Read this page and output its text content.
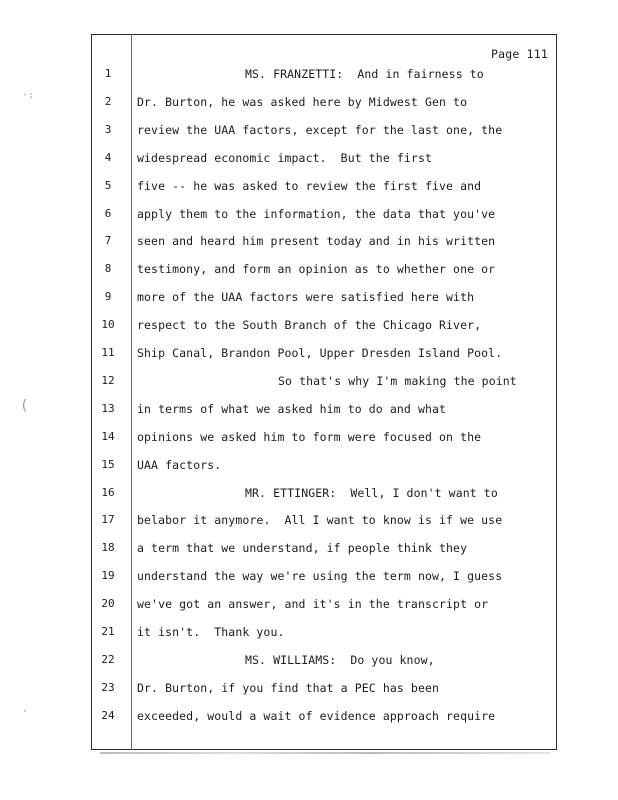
Page 111
·:
(
·
1	MS. FRANZETTI:  And in fairness to
2	Dr. Burton, he was asked here by Midwest Gen to
3	review the UAA factors, except for the last one, the
4	widespread economic impact.  But the first
5	five -- he was asked to review the first five and
6	apply them to the information, the data that you've
7	seen and heard him present today and in his written
8	testimony, and form an opinion as to whether one or
9	more of the UAA factors were satisfied here with
10	respect to the South Branch of the Chicago River,
11	Ship Canal, Brandon Pool, Upper Dresden Island Pool.
12	So that's why I'm making the point
13	in terms of what we asked him to do and what
14	opinions we asked him to form were focused on the
15	UAA factors.
16	MR. ETTINGER:  Well, I don't want to
17	belabor it anymore.  All I want to know is if we use
18	a term that we understand, if people think they
19	understand the way we're using the term now, I guess
20	we've got an answer, and it's in the transcript or
21	it isn't.  Thank you.
22	MS. WILLIAMS:  Do you know,
23	Dr. Burton, if you find that a PEC has been
24	exceeded, would a wait of evidence approach require
